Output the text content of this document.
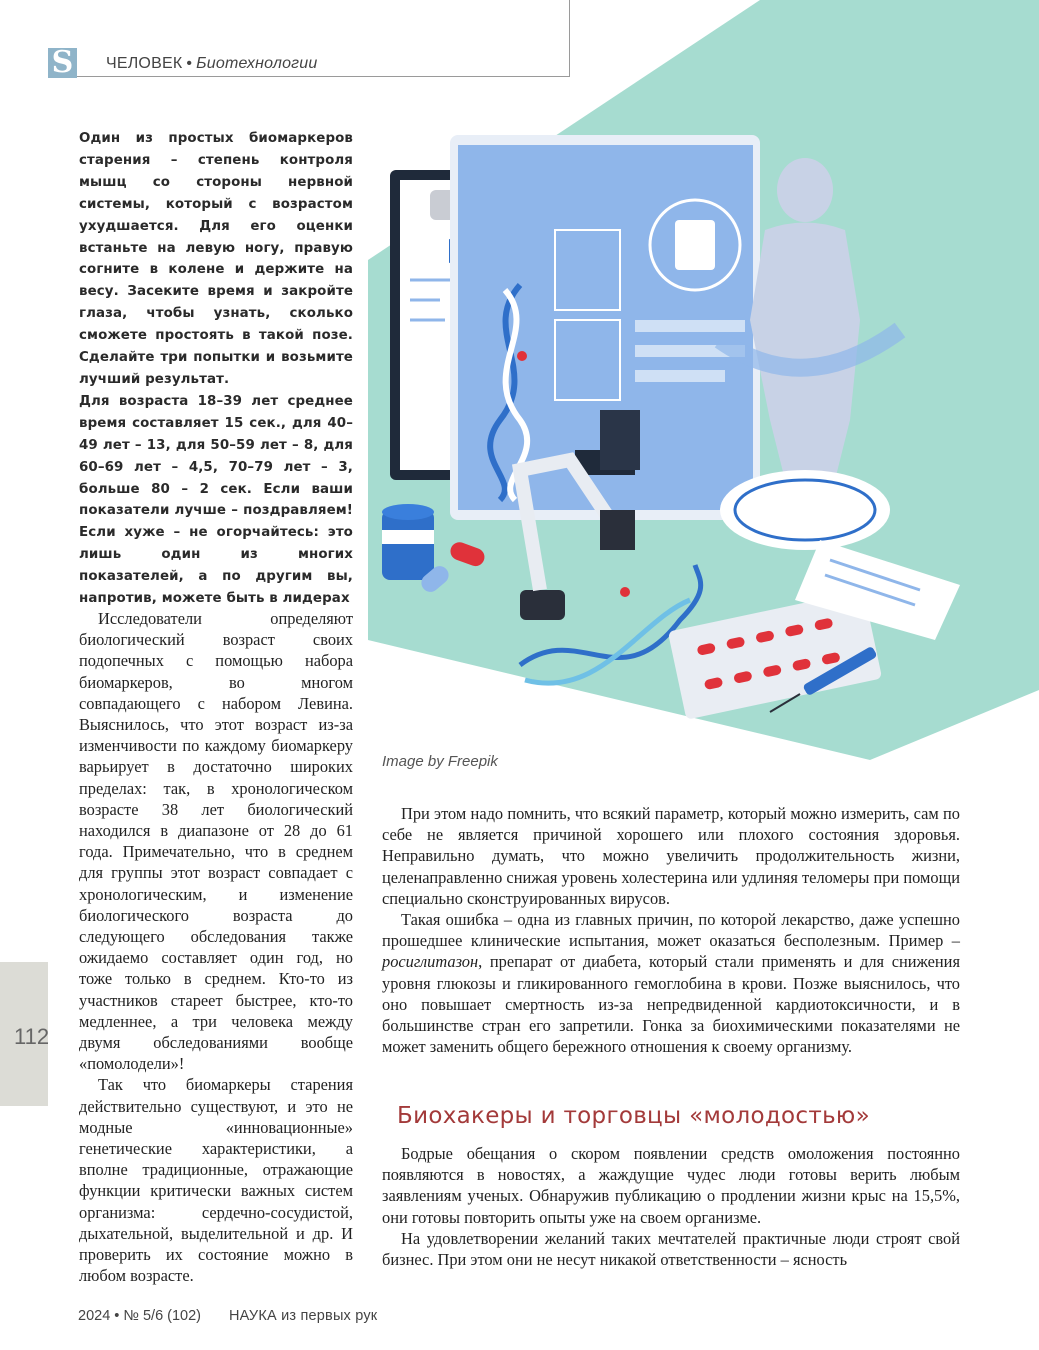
S ЧЕЛОВЕК • Биотехнологии

Один из простых биомаркеров старения – степень контроля мышц со стороны нервной системы, который с возрастом ухудшается. Для его оценки встаньте на левую ногу, правую согните в колене и держите на весу. Засеките время и закройте глаза, чтобы узнать, сколько сможете простоять в такой позе. Сделайте три попытки и возьмите лучший результат.

Для возраста 18–39 лет среднее время составляет 15 сек., для 40–49 лет – 13, для 50–59 лет – 8, для 60–69 лет – 4,5, 70–79 лет – 3, больше 80 – 2 сек. Если ваши показатели лучше – поздравляем! Если хуже – не огорчайтесь: это лишь один из многих показателей, а по другим вы, напротив, можете быть в лидерах

Image by Freepik

Исследователи определяют биологический возраст своих подопечных с помощью набора биомаркеров, во многом совпадающего с набором Левина. Выяснилось, что этот возраст из-за изменчивости по каждому биомаркеру варьирует в достаточно широких пределах: так, в хронологическом возрасте 38 лет биологический находился в диапазоне от 28 до 61 года. Примечательно, что в среднем для группы этот возраст совпадает с хронологическим, и изменение биологического возраста до следующего обследования также ожидаемо составляет один год, но тоже только в среднем. Кто-то из участников стареет быстрее, кто-то медленнее, а три человека между двумя обследованиями вообще «помолодели»!

Так что биомаркеры старения действительно существуют, и это не модные «инновационные» генетические характеристики, а вполне традиционные, отражающие функции критически важных систем организма: сердечно-сосудистой, дыхательной, выделительной и др. И проверить их состояние можно в любом возрасте.

При этом надо помнить, что всякий параметр, который можно измерить, сам по себе не является причиной хорошего или плохого состояния здоровья. Неправильно думать, что можно увеличить продолжительность жизни, целенаправленно снижая уровень холестерина или удлиняя теломеры при помощи специально сконструированных вирусов.

Такая ошибка – одна из главных причин, по которой лекарство, даже успешно прошедшее клинические испытания, может оказаться бесполезным. Пример – росиглитазон, препарат от диабета, который стали применять и для снижения уровня глюкозы и гликированного гемоглобина в крови. Позже выяснилось, что оно повышает смертность из-за непредвиденной кардиотоксичности, и в большинстве стран его запретили. Гонка за биохимическими показателями не может заменить общего бережного отношения к своему организму.

Биохакеры и торговцы «молодостью»

Бодрые обещания о скором появлении средств омоложения постоянно появляются в новостях, а жаждущие чудес люди готовы верить любым заявлениям ученых. Обнаружив публикацию о продлении жизни крыс на 15,5%, они готовы повторить опыты уже на своем организме.

На удовлетворении желаний таких мечтателей практичные люди строят свой бизнес. При этом они не несут никакой ответственности – ясность

112
2024 • № 5/6 (102) НАУКА из первых рук
